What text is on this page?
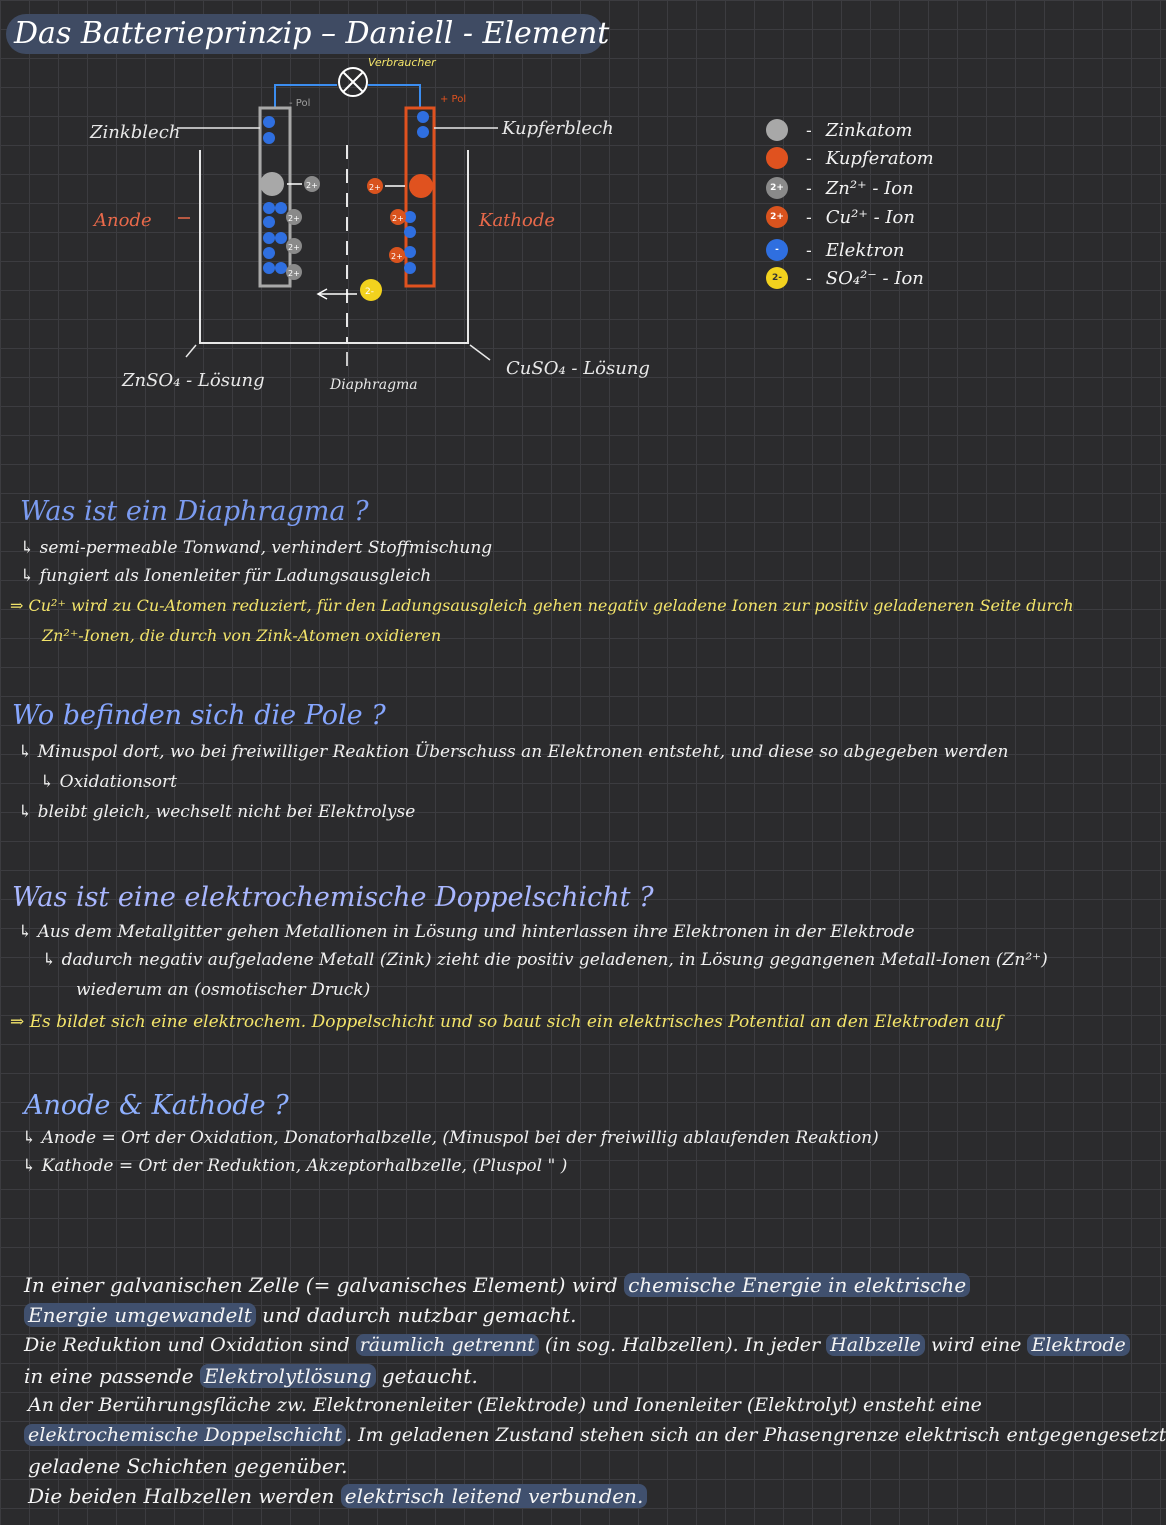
Das Batterieprinzip – Daniell - Element
2+
2+
2+
2+
2+
2+
2+
2-
Verbraucher
- Pol	+ Pol
Zinkblech	Kupferblech
Anode	Kathode
ZnSO₄ - Lösung
CuSO₄ - Lösung
Diaphragma
- Zinkatom
- Kupferatom
2+ - Zn²⁺ - Ion
2+ - Cu²⁺ - Ion
-	- Elektron
2-	- SO₄²⁻ - Ion
Was ist ein Diaphragma ?
↳ semi-permeable Tonwand, verhindert Stoffmischung
↳ fungiert als Ionenleiter für Ladungsausgleich
⇒ Cu²⁺ wird zu Cu-Atomen reduziert, für den Ladungsausgleich gehen negativ geladene Ionen zur positiv geladeneren Seite durch
Zn²⁺-Ionen, die durch von Zink-Atomen oxidieren
Wo befinden sich die Pole ?
↳ Minuspol dort, wo bei freiwilliger Reaktion Überschuss an Elektronen entsteht, und diese so abgegeben werden
↳ Oxidationsort
↳ bleibt gleich, wechselt nicht bei Elektrolyse
Was ist eine elektrochemische Doppelschicht ?
↳ Aus dem Metallgitter gehen Metallionen in Lösung und hinterlassen ihre Elektronen in der Elektrode
↳ dadurch negativ aufgeladene Metall (Zink) zieht die positiv geladenen, in Lösung gegangenen Metall-Ionen (Zn²⁺)
wiederum an (osmotischer Druck)
⇒ Es bildet sich eine elektrochem. Doppelschicht und so baut sich ein elektrisches Potential an den Elektroden auf
Anode & Kathode ?
↳ Anode = Ort der Oxidation, Donatorhalbzelle, (Minuspol bei der freiwillig ablaufenden Reaktion)
↳ Kathode = Ort der Reduktion, Akzeptorhalbzelle, (Pluspol " )
In einer galvanischen Zelle (= galvanisches Element) wird chemische Energie in elektrische
Energie umgewandelt und dadurch nutzbar gemacht.
Die Reduktion und Oxidation sind räumlich getrennt (in sog. Halbzellen). In jeder Halbzelle wird eine Elektrode
in eine passende Elektrolytlösung getaucht.
An der Berührungsfläche zw. Elektronenleiter (Elektrode) und Ionenleiter (Elektrolyt) ensteht eine
elektrochemische Doppelschicht . Im geladenen Zustand stehen sich an der Phasengrenze elektrisch entgegengesetzt
geladene Schichten gegenüber.
Die beiden Halbzellen werden elektrisch leitend verbunden.
